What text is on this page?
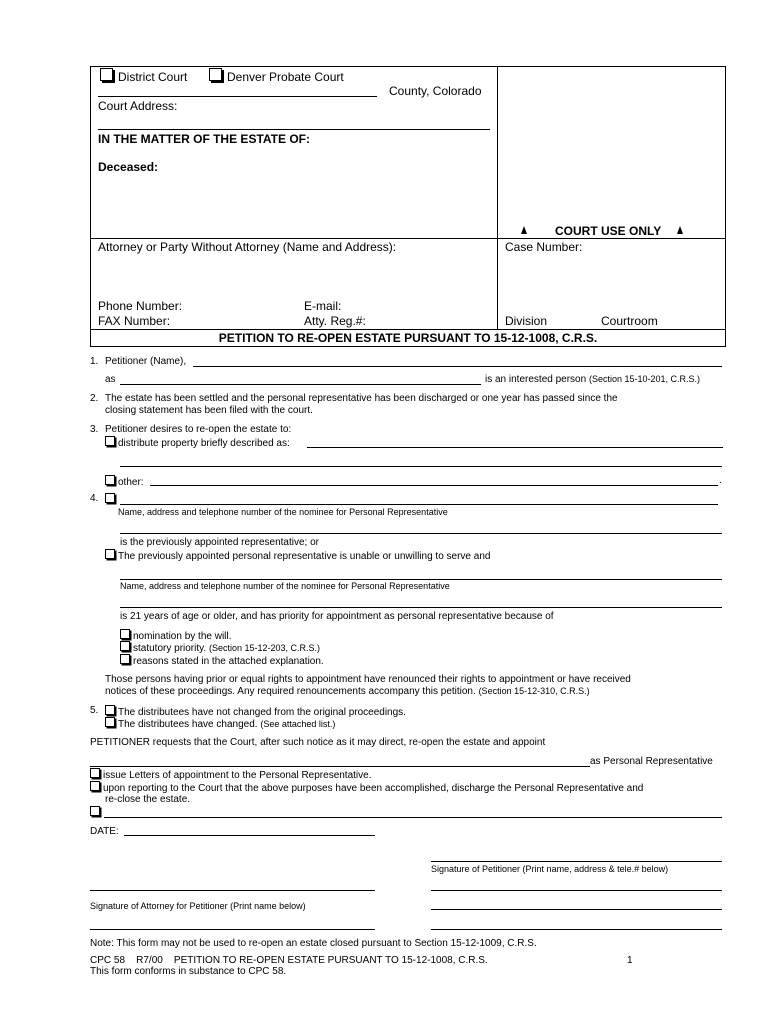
District Court	Denver Probate Court
County, Colorado
Court Address:
IN THE MATTER OF THE ESTATE OF:
Deceased:
COURT USE ONLY
Attorney or Party Without Attorney (Name and Address):	Case Number:
Phone Number:	E-mail:
FAX Number:	Atty. Reg.#:	Division	Courtroom
PETITION TO RE-OPEN ESTATE PURSUANT TO 15-12-1008, C.R.S.
1. Petitioner (Name),
as	is an interested person (Section 15-10-201, C.R.S.)
2. The estate has been settled and the personal representative has been discharged or one year has passed since the
closing statement has been filed with the court.
3. Petitioner desires to re-open the estate to:
distribute property briefly described as:
other:	.
4.
Name, address and telephone number of the nominee for Personal Representative
is the previously appointed representative; or
The previously appointed personal representative is unable or unwilling to serve and
Name, address and telephone number of the nominee for Personal Representative
is 21 years of age or older, and has priority for appointment as personal representative because of
nomination by the will.
statutory priority. (Section 15-12-203, C.R.S.)
reasons stated in the attached explanation.
Those persons having prior or equal rights to appointment have renounced their rights to appointment or have received
notices of these proceedings. Any required renouncements accompany this petition. (Section 15-12-310, C.R.S.)
5.	The distributees have not changed from the original proceedings.
The distributees have changed. (See attached list.)
PETITIONER requests that the Court, after such notice as it may direct, re-open the estate and appoint
as Personal Representative
issue Letters of appointment to the Personal Representative.
upon reporting to the Court that the above purposes have been accomplished, discharge the Personal Representative and
re-close the estate.
DATE:
Signature of Petitioner (Print name, address & tele.# below)
Signature of Attorney for Petitioner (Print name below)
Note: This form may not be used to re-open an estate closed pursuant to Section 15-12-1009, C.R.S.
CPC 58    R7/00    PETITION TO RE-OPEN ESTATE PURSUANT TO 15-12-1008, C.R.S.	1
This form conforms in substance to CPC 58.
